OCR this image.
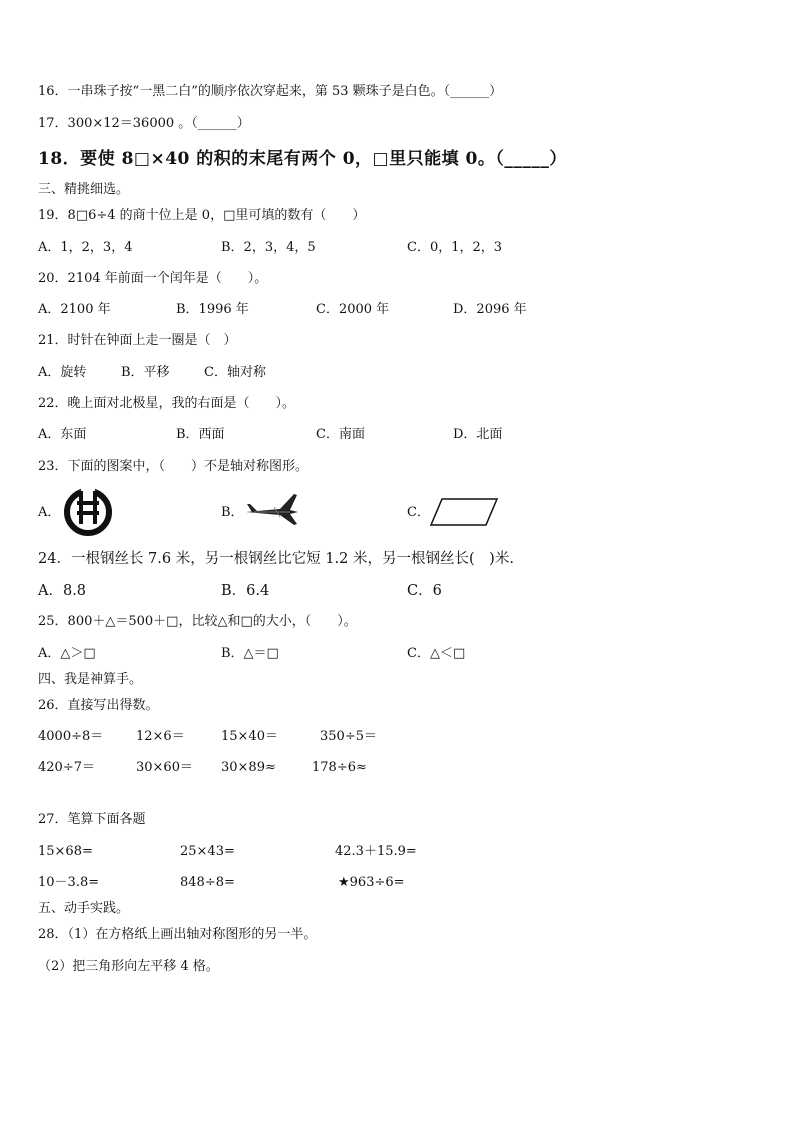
16．一串珠子按“一黑二白”的顺序依次穿起来，第 53 颗珠子是白色。（______）
17．300×12＝36000 。（______）
18．要使 8□×40 的积的末尾有两个 0，□里只能填 0。（_____）
三、精挑细选。
19．8□6÷4 的商十位上是 0，□里可填的数有（　　）
A．1，2，3，4	B．2，3，4，5	C．0，1，2，3
20．2104 年前面一个闰年是（　　）。
A．2100 年	B．1996 年	C．2000 年	D．2096 年
21．时针在钟面上走一圈是（　）
A．旋转	B．平移	C．轴对称
22．晚上面对北极星，我的右面是（　　）。
A．东面	B．西面	C．南面	D．北面
23．下面的图案中，（　　）不是轴对称图形。
A．	B．	C．
24．一根钢丝长 7.6 米，另一根钢丝比它短 1.2 米，另一根钢丝长(　)米.
A．8.8	B．6.4	C．6
25．800＋△＝500＋□，比较△和□的大小，（　　）。
A．△＞□	B．△＝□	C．△＜□
四、我是神算手。
26．直接写出得数。
4000÷8＝	12×6＝	15×40＝	350÷5＝
420÷7＝	30×60＝ 30×89≈	178÷6≈
27．笔算下面各题
15×68=	25×43=	42.3＋15.9=
10－3.8=	848÷8=	★963÷6=
五、动手实践。
28．（1）在方格纸上画出轴对称图形的另一半。
（2）把三角形向左平移 4 格。
